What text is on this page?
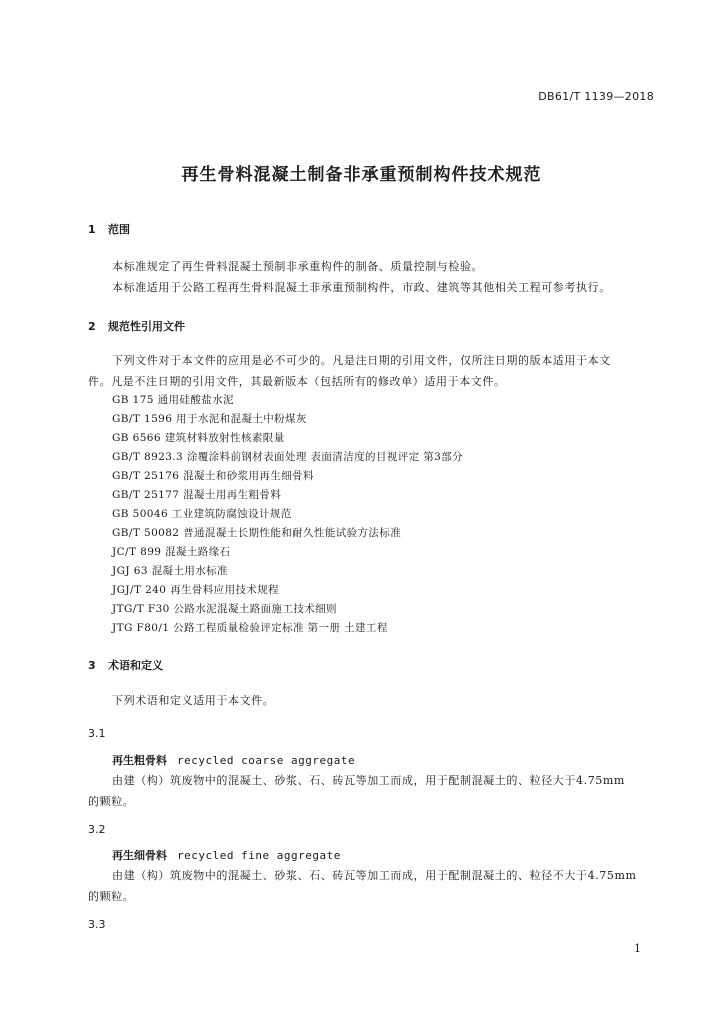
DB61/T 1139—2018
再生骨料混凝土制备非承重预制构件技术规范
1 范围
本标准规定了再生骨料混凝土预制非承重构件的制备、质量控制与检验。
本标准适用于公路工程再生骨料混凝土非承重预制构件，市政、建筑等其他相关工程可参考执行。
2 规范性引用文件
下列文件对于本文件的应用是必不可少的。凡是注日期的引用文件，仅所注日期的版本适用于本文
件。凡是不注日期的引用文件，其最新版本（包括所有的修改单）适用于本文件。
GB 175 通用硅酸盐水泥
GB/T 1596 用于水泥和混凝土中粉煤灰
GB 6566 建筑材料放射性核素限量
GB/T 8923.3 涂覆涂料前钢材表面处理 表面清洁度的目视评定 第3部分
GB/T 25176 混凝土和砂浆用再生细骨料
GB/T 25177 混凝土用再生粗骨料
GB 50046 工业建筑防腐蚀设计规范
GB/T 50082 普通混凝土长期性能和耐久性能试验方法标准
JC/T 899 混凝土路缘石
JGJ 63 混凝土用水标准
JGJ/T 240 再生骨料应用技术规程
JTG/T F30 公路水泥混凝土路面施工技术细则
JTG F80/1 公路工程质量检验评定标准 第一册 土建工程
3 术语和定义
下列术语和定义适用于本文件。
3.1
再生粗骨料 recycled coarse aggregate
由建（构）筑废物中的混凝土、砂浆、石、砖瓦等加工而成，用于配制混凝土的、粒径大于4.75mm
的颗粒。
3.2
再生细骨料 recycled fine aggregate
由建（构）筑废物中的混凝土、砂浆、石、砖瓦等加工而成，用于配制混凝土的、粒径不大于4.75mm
的颗粒。
3.3
1
